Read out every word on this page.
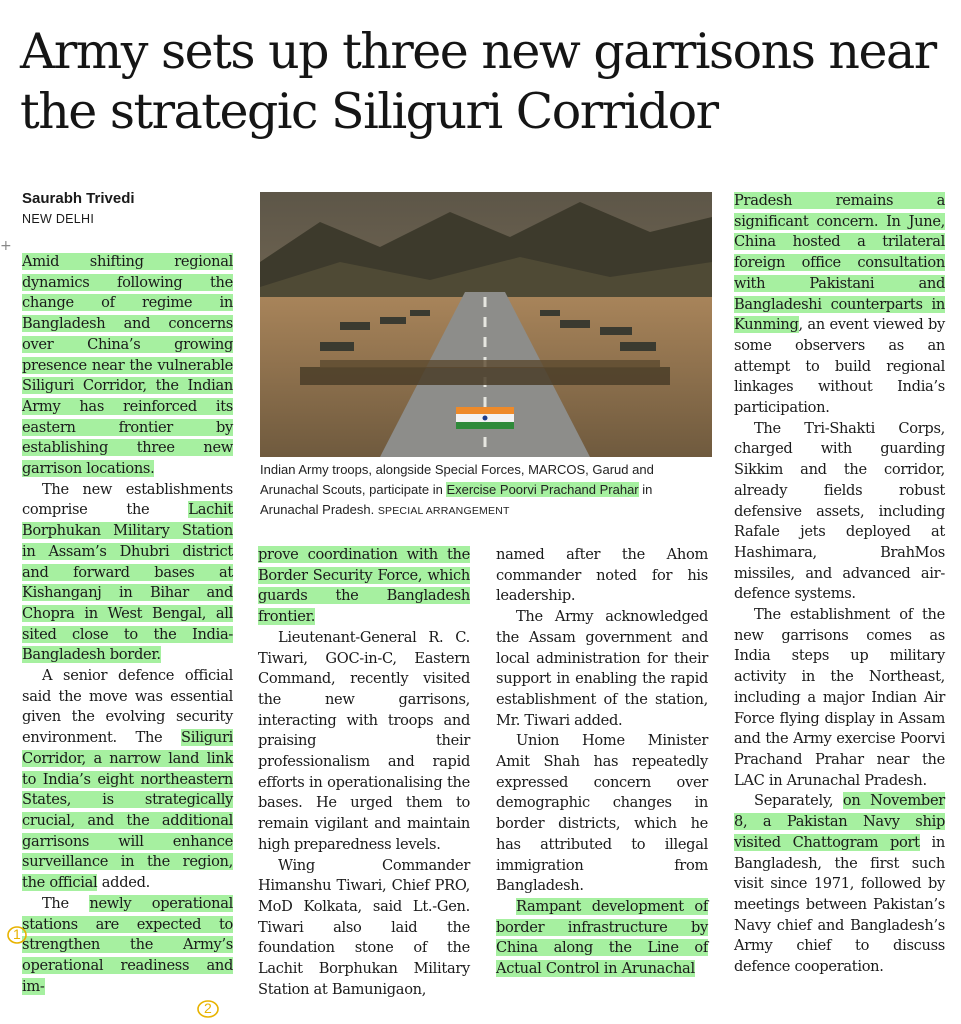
Army sets up three new garrisons near the strategic Siliguri Corridor
Saurabh Trivedi
NEW DELHI
+

Amid shifting regional dynamics following the change of regime in Bangladesh and concerns over China’s growing presence near the vulnerable Siliguri Corridor, the Indian Army has reinforced its eastern frontier by establishing three new garrison locations.

The new establishments comprise the Lachit Borphukan Military Station in Assam’s Dhubri district and forward bases at Kishanganj in Bihar and Chopra in West Bengal, all sited close to the India-Bangladesh border.

A senior defence official said the move was essential given the evolving security environment. The Siliguri Corridor, a narrow land link to India’s eight northeastern States, is strategically crucial, and the additional garrisons will enhance surveillance in the region, the official added.

The newly operational stations are expected to strengthen the Army’s operational readiness and im-

Indian Army troops, alongside Special Forces, MARCOS, Garud and Arunachal Scouts, participate in Exercise Poorvi Prachand Prahar in Arunachal Pradesh. SPECIAL ARRANGEMENT

prove coordination with the Border Security Force, which guards the Bangladesh frontier.

Lieutenant-General R. C. Tiwari, GOC-in-C, Eastern Command, recently visited the new garrisons, interacting with troops and praising their professionalism and rapid efforts in operationalising the bases. He urged them to remain vigilant and maintain high preparedness levels.

Wing Commander Himanshu Tiwari, Chief PRO, MoD Kolkata, said Lt.-Gen. Tiwari also laid the foundation stone of the Lachit Borphukan Military Station at Bamunigaon,

named after the Ahom commander noted for his leadership.

The Army acknowledged the Assam government and local administration for their support in enabling the rapid establishment of the station, Mr. Tiwari added.

Union Home Minister Amit Shah has repeatedly expressed concern over demographic changes in border districts, which he has attributed to illegal immigration from Bangladesh.

Rampant development of border infrastructure by China along the Line of Actual Control in Arunachal

Pradesh remains a significant concern. In June, China hosted a trilateral foreign office consultation with Pakistani and Bangladeshi counterparts in Kunming, an event viewed by some observers as an attempt to build regional linkages without India’s participation.

The Tri-Shakti Corps, charged with guarding Sikkim and the corridor, already fields robust defensive assets, including Rafale jets deployed at Hashimara, BrahMos missiles, and advanced air-defence systems.

The establishment of the new garrisons comes as India steps up military activity in the Northeast, including a major Indian Air Force flying display in Assam and the Army exercise Poorvi Prachand Prahar near the LAC in Arunachal Pradesh.

Separately, on November 8, a Pakistan Navy ship visited Chattogram port in Bangladesh, the first such visit since 1971, followed by meetings between Pakistan’s Navy chief and Bangladesh’s Army chief to discuss defence cooperation.

1
2
